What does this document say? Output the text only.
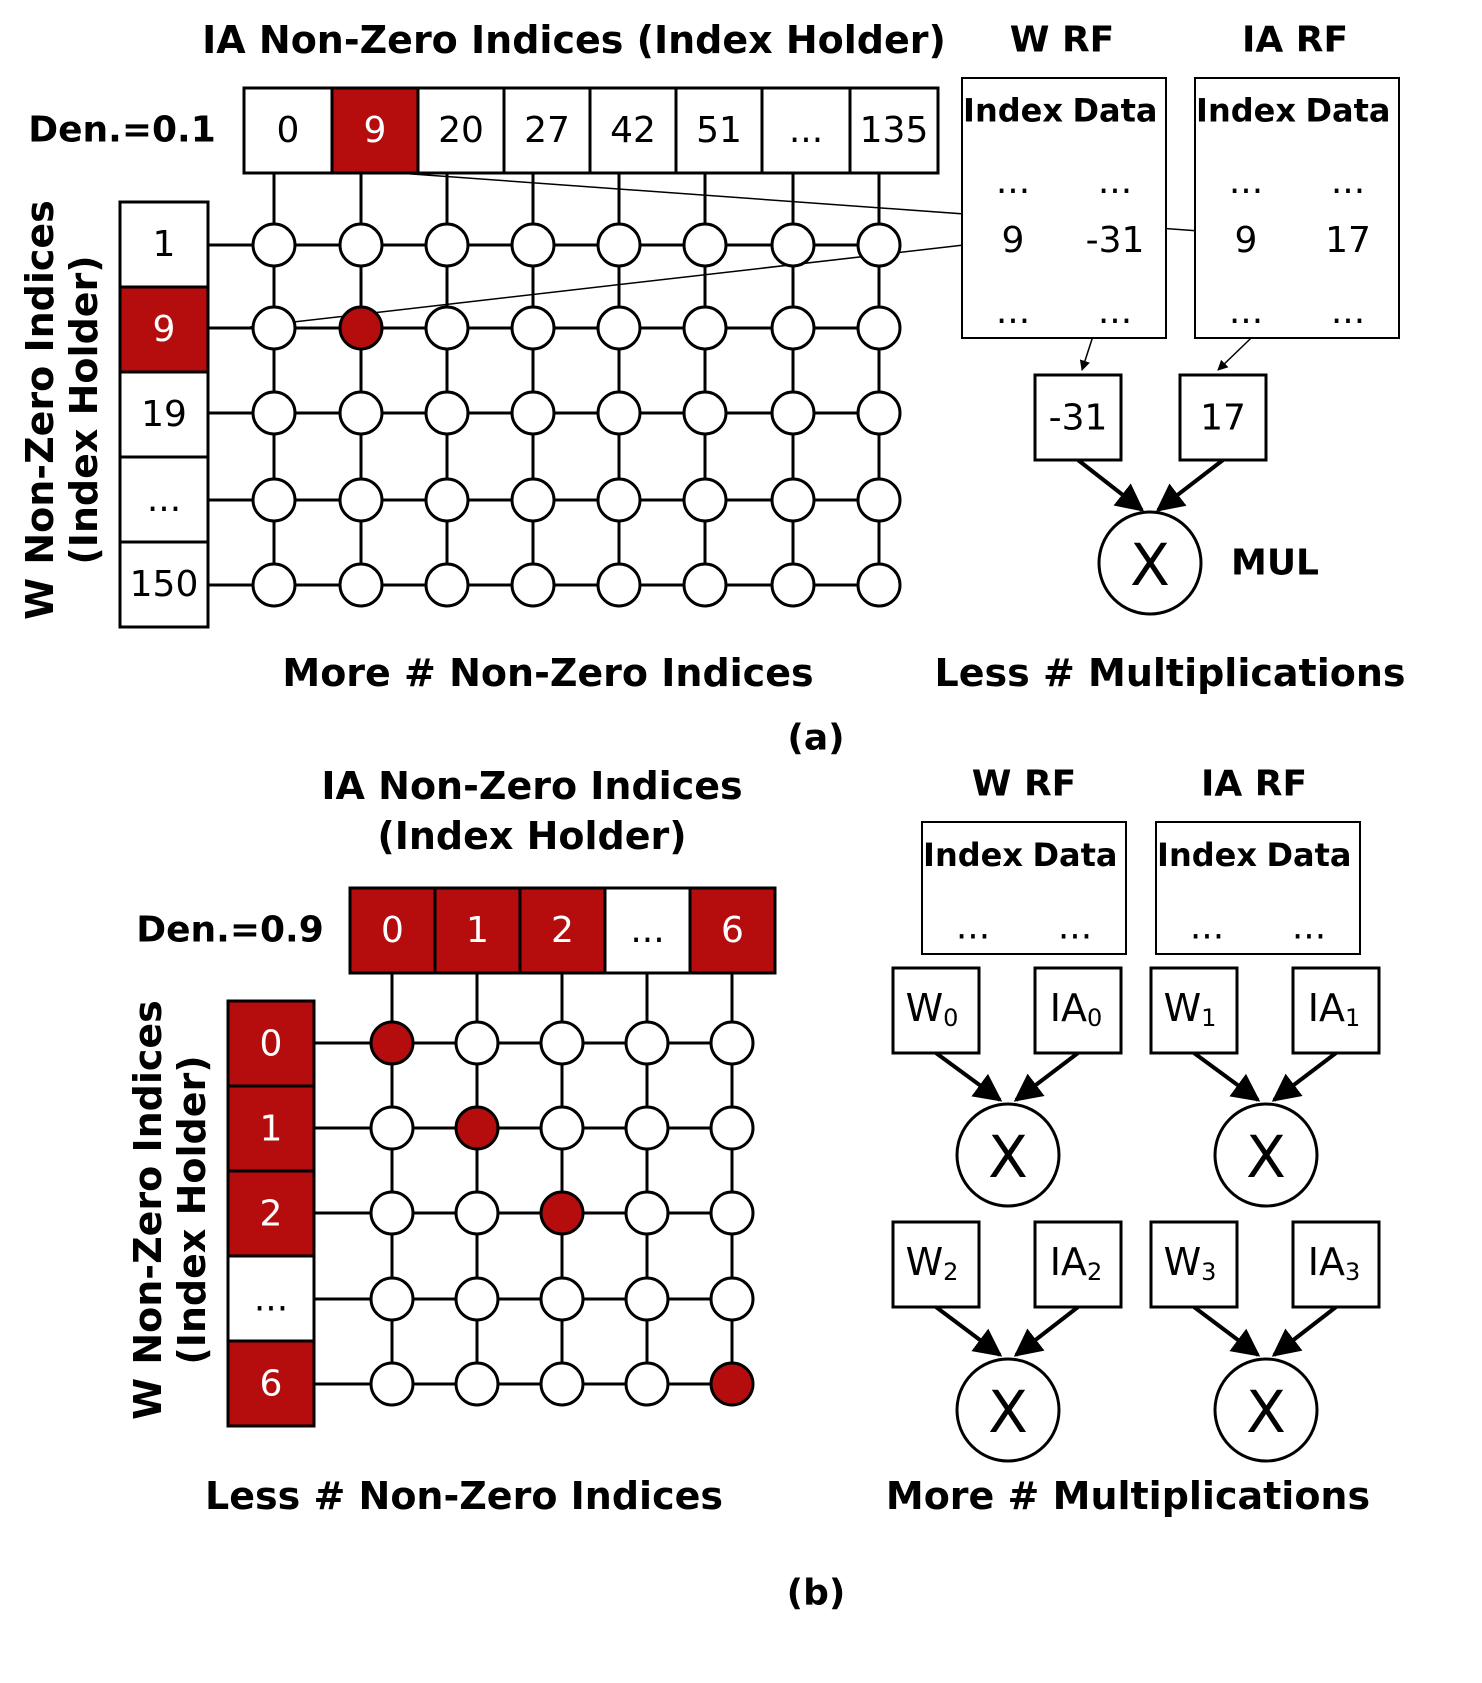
IA Non-Zero Indices (Index Holder)
Den.=0.1 0 9 20 27 42 51 ... 135
1
9
19
...
150
W Non-Zero Indices (Index Holder)
W RF
Index Data
... ...
9 -31
... ...
IA RF
Index Data
... ...
9 17
... ...
-31	17
X MUL
More # Non-Zero Indices	Less # Multiplications
(a)
IA Non-Zero Indices
(Index Holder)
Den.=0.9 0 1 2 ... 6
0
1
2
...
6
W Non-Zero Indices (Index Holder)
W RF
Index Data
... ...
IA RF
Index Data
... ...
$W_0$ $IA_0$
X
$W_1$ $IA_1$
X
$W_2$ $IA_2$
X
$W_3$ $IA_3$
X
Less # Non-Zero Indices	More # Multiplications
(b)
